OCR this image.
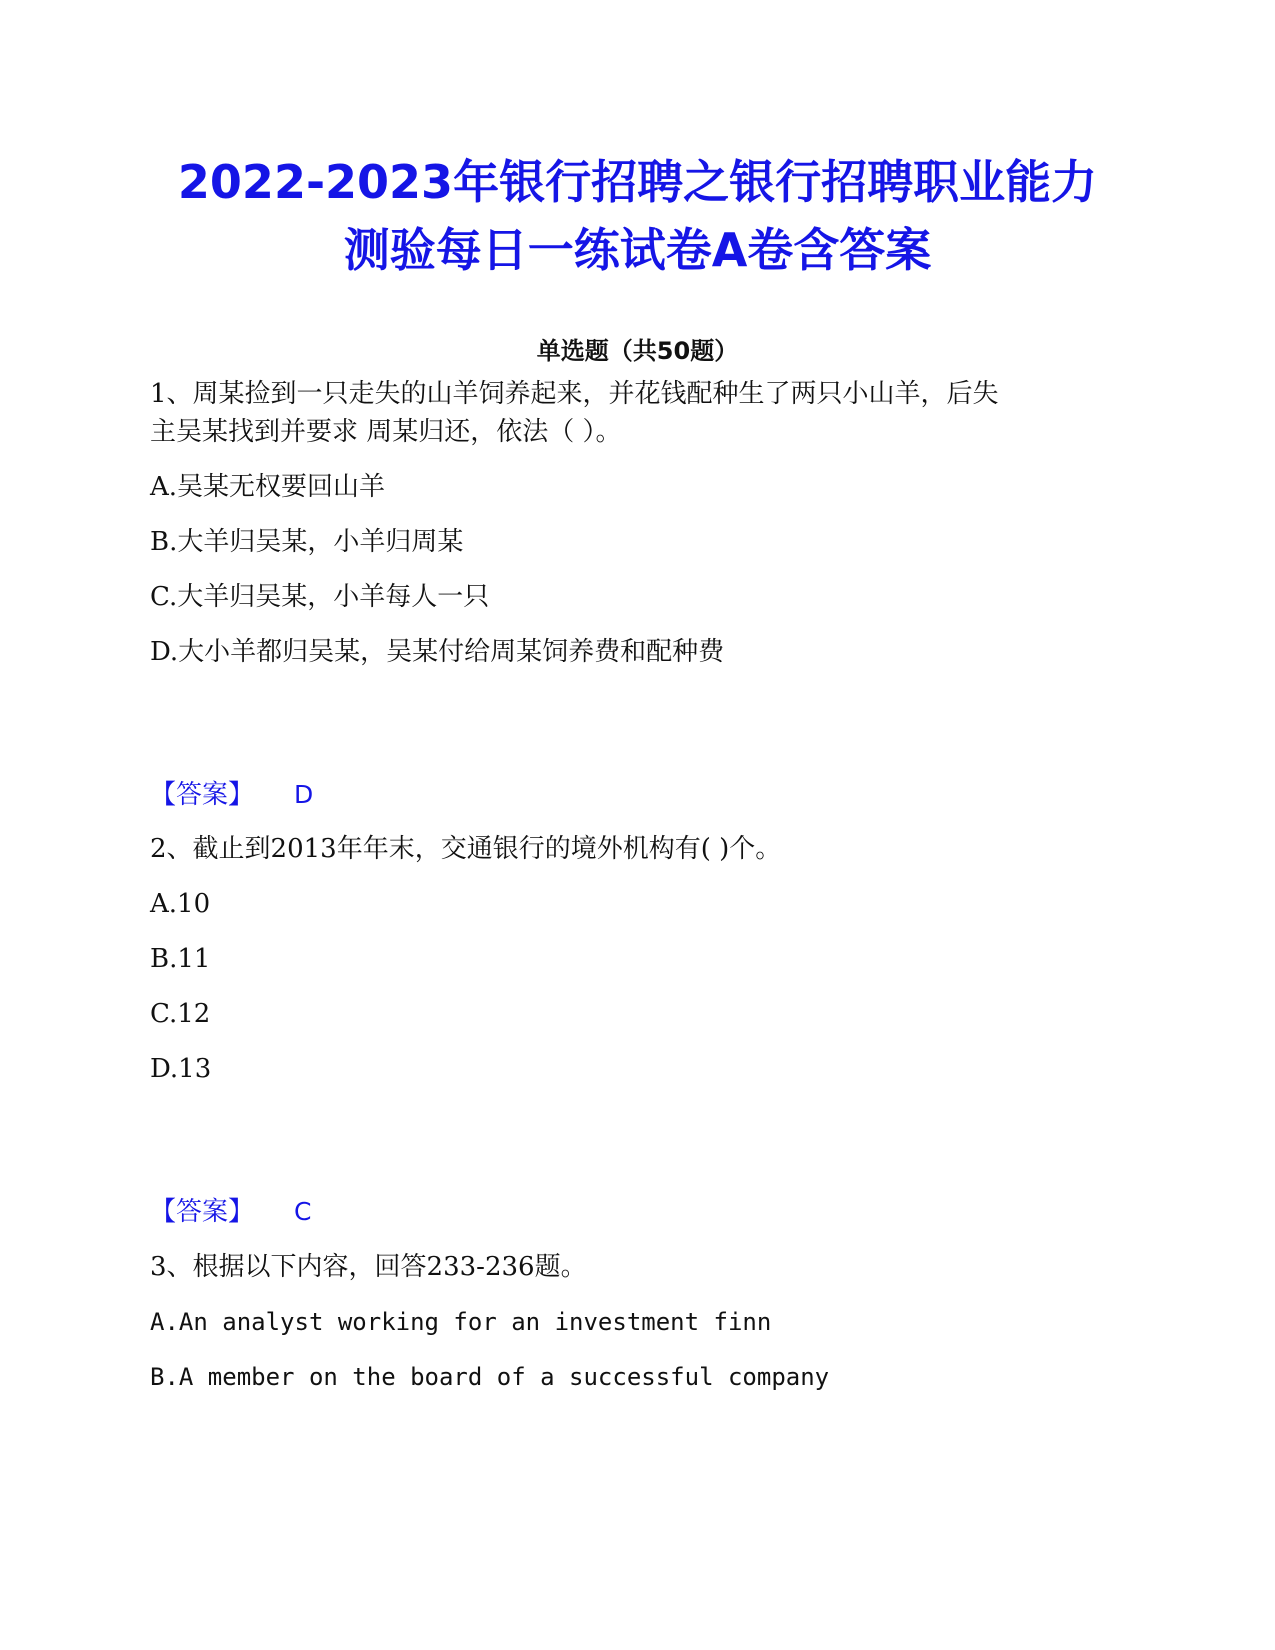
2022-2023年银行招聘之银行招聘职业能力
测验每日一练试卷A卷含答案
单选题（共50题）
1、周某捡到一只走失的山羊饲养起来，并花钱配种生了两只小山羊，后失
主吴某找到并要求 周某归还，依法（ ）。
A.吴某无权要回山羊
B.大羊归吴某，小羊归周某
C.大羊归吴某，小羊每人一只
D.大小羊都归吴某，吴某付给周某饲养费和配种费
【答案】 D
2、截止到2013年年末，交通银行的境外机构有( )个。
A.10
B.11
C.12
D.13
【答案】 C
3、根据以下内容，回答233-236题。
A.An analyst working for an investment finn
B.A member on the board of a successful company
